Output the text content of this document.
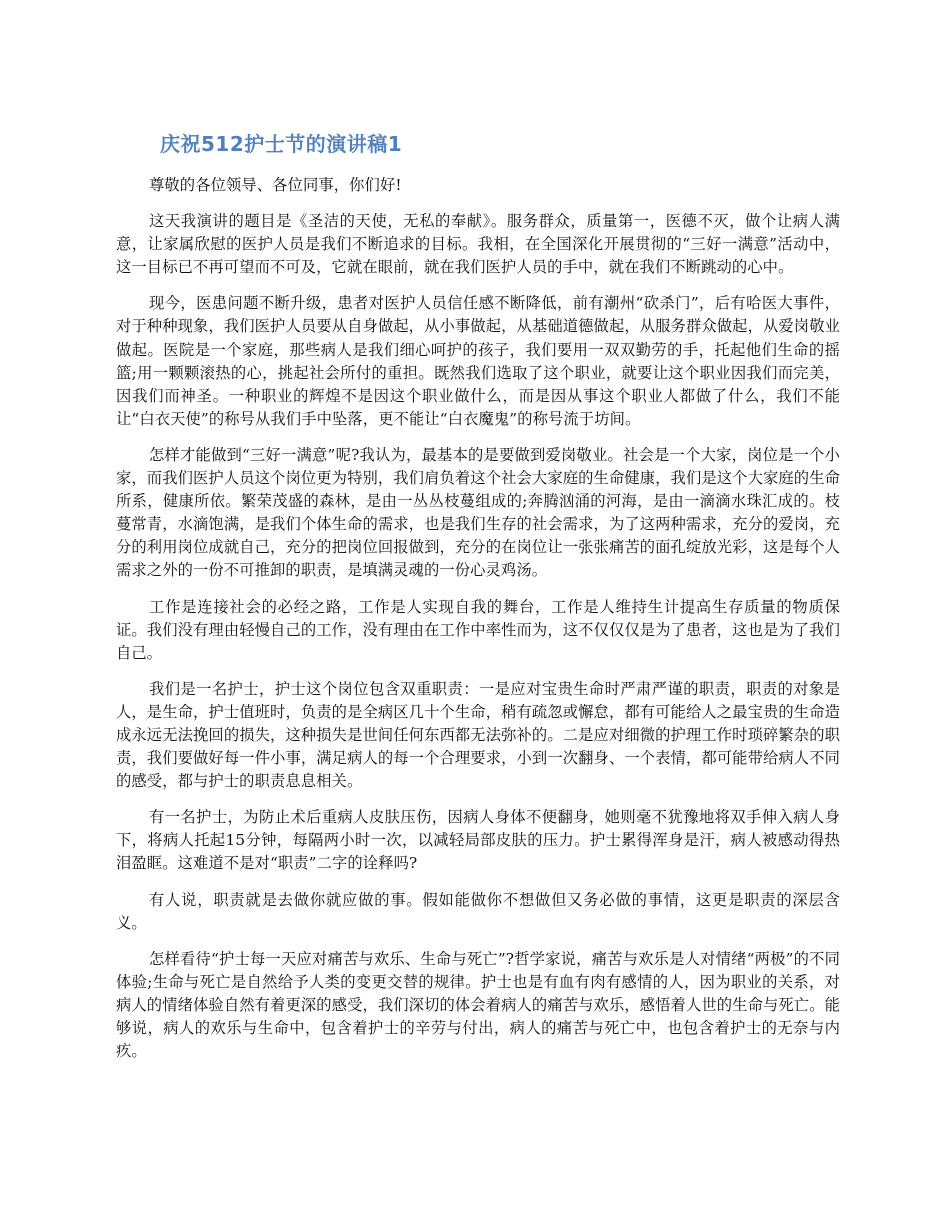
庆祝512护士节的演讲稿1

尊敬的各位领导、各位同事，你们好!

这天我演讲的题目是《圣洁的天使，无私的奉献》。服务群众，质量第一，医德不灭，做个让病人满意，让家属欣慰的医护人员是我们不断追求的目标。我相，在全国深化开展贯彻的“三好一满意”活动中，这一目标已不再可望而不可及，它就在眼前，就在我们医护人员的手中，就在我们不断跳动的心中。

现今，医患问题不断升级，患者对医护人员信任感不断降低，前有潮州“砍杀门”，后有哈医大事件，对于种种现象，我们医护人员要从自身做起，从小事做起，从基础道德做起，从服务群众做起，从爱岗敬业做起。医院是一个家庭，那些病人是我们细心呵护的孩子，我们要用一双双勤劳的手，托起他们生命的摇篮;用一颗颗滚热的心，挑起社会所付的重担。既然我们选取了这个职业，就要让这个职业因我们而完美，因我们而神圣。一种职业的辉煌不是因这个职业做什么，而是因从事这个职业人都做了什么，我们不能让“白衣天使”的称号从我们手中坠落，更不能让“白衣魔鬼”的称号流于坊间。

怎样才能做到“三好一满意”呢?我认为，最基本的是要做到爱岗敬业。社会是一个大家，岗位是一个小家，而我们医护人员这个岗位更为特别，我们肩负着这个社会大家庭的生命健康，我们是这个大家庭的生命所系，健康所依。繁荣茂盛的森林，是由一丛丛枝蔓组成的;奔腾汹涌的河海，是由一滴滴水珠汇成的。枝蔓常青，水滴饱满，是我们个体生命的需求，也是我们生存的社会需求，为了这两种需求，充分的爱岗，充分的利用岗位成就自己，充分的把岗位回报做到，充分的在岗位让一张张痛苦的面孔绽放光彩，这是每个人需求之外的一份不可推卸的职责，是填满灵魂的一份心灵鸡汤。

工作是连接社会的必经之路，工作是人实现自我的舞台，工作是人维持生计提高生存质量的物质保证。我们没有理由轻慢自己的工作，没有理由在工作中率性而为，这不仅仅仅是为了患者，这也是为了我们自己。

我们是一名护士，护士这个岗位包含双重职责：一是应对宝贵生命时严肃严谨的职责，职责的对象是人，是生命，护士值班时，负责的是全病区几十个生命，稍有疏忽或懈怠，都有可能给人之最宝贵的生命造成永远无法挽回的损失，这种损失是世间任何东西都无法弥补的。二是应对细微的护理工作时琐碎繁杂的职责，我们要做好每一件小事，满足病人的每一个合理要求，小到一次翻身、一个表情，都可能带给病人不同的感受，都与护士的职责息息相关。

有一名护士，为防止术后重病人皮肤压伤，因病人身体不便翻身，她则毫不犹豫地将双手伸入病人身下，将病人托起15分钟，每隔两小时一次，以减轻局部皮肤的压力。护士累得浑身是汗，病人被感动得热泪盈眶。这难道不是对“职责”二字的诠释吗?

有人说，职责就是去做你就应做的事。假如能做你不想做但又务必做的事情，这更是职责的深层含义。

怎样看待“护士每一天应对痛苦与欢乐、生命与死亡”?哲学家说，痛苦与欢乐是人对情绪“两极”的不同体验;生命与死亡是自然给予人类的变更交替的规律。护士也是有血有肉有感情的人，因为职业的关系，对病人的情绪体验自然有着更深的感受，我们深切的体会着病人的痛苦与欢乐，感悟着人世的生命与死亡。能够说，病人的欢乐与生命中，包含着护士的辛劳与付出，病人的痛苦与死亡中，也包含着护士的无奈与内疚。
